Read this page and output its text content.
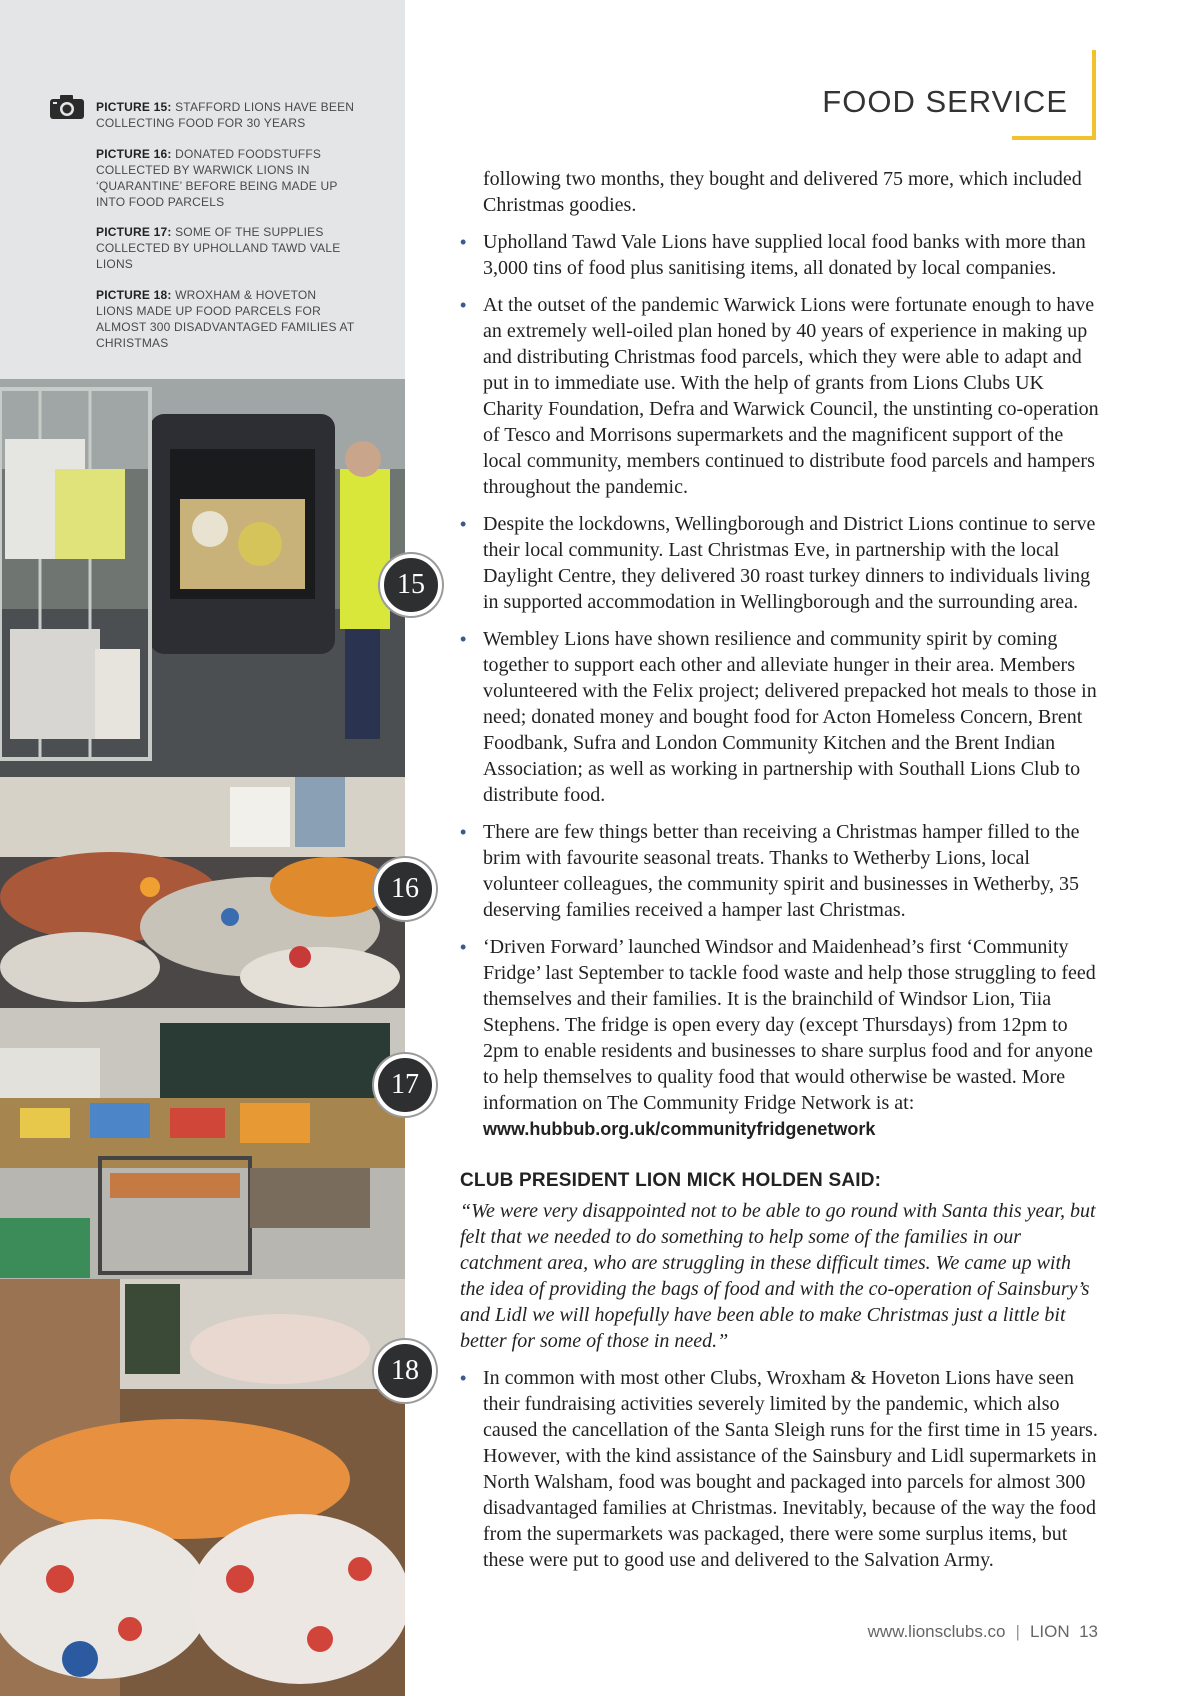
PICTURE 15: STAFFORD LIONS HAVE BEEN COLLECTING FOOD FOR 30 YEARS
PICTURE 16: DONATED FOODSTUFFS COLLECTED BY WARWICK LIONS IN ‘QUARANTINE’ BEFORE BEING MADE UP INTO FOOD PARCELS
PICTURE 17: SOME OF THE SUPPLIES COLLECTED BY UPHOLLAND TAWD VALE LIONS
PICTURE 18: WROXHAM & HOVETON LIONS MADE UP FOOD PARCELS FOR ALMOST 300 DISADVANTAGED FAMILIES AT CHRISTMAS
15
16
17
18
FOOD SERVICE

following two months, they bought and delivered 75 more, which included Christmas goodies.

• Upholland Tawd Vale Lions have supplied local food banks with more than 3,000 tins of food plus sanitising items, all donated by local companies.
• At the outset of the pandemic Warwick Lions were fortunate enough to have an extremely well-oiled plan honed by 40 years of experience in making up and distributing Christmas food parcels, which they were able to adapt and put in to immediate use. With the help of grants from Lions Clubs UK Charity Foundation, Defra and Warwick Council, the unstinting co-operation of Tesco and Morrisons supermarkets and the magnificent support of the local community, members continued to distribute food parcels and hampers throughout the pandemic.
• Despite the lockdowns, Wellingborough and District Lions continue to serve their local community. Last Christmas Eve, in partnership with the local Daylight Centre, they delivered 30 roast turkey dinners to individuals living in supported accommodation in Wellingborough and the surrounding area.
• Wembley Lions have shown resilience and community spirit by coming together to support each other and alleviate hunger in their area. Members volunteered with the Felix project; delivered prepacked hot meals to those in need; donated money and bought food for Acton Homeless Concern, Brent Foodbank, Sufra and London Community Kitchen and the Brent Indian Association; as well as working in partnership with Southall Lions Club to distribute food.
• There are few things better than receiving a Christmas hamper filled to the brim with favourite seasonal treats. Thanks to Wetherby Lions, local volunteer colleagues, the community spirit and businesses in Wetherby, 35 deserving families received a hamper last Christmas.
• ‘Driven Forward’ launched Windsor and Maidenhead’s first ‘Community Fridge’ last September to tackle food waste and help those struggling to feed themselves and their families. It is the brainchild of Windsor Lion, Tiia Stephens. The fridge is open every day (except Thursdays) from 12pm to 2pm to enable residents and businesses to share surplus food and for anyone to help themselves to quality food that would otherwise be wasted. More information on The Community Fridge Network is at:
www.hubbub.org.uk/communityfridgenetwork
CLUB PRESIDENT LION MICK HOLDEN SAID:
“We were very disappointed not to be able to go round with Santa this year, but felt that we needed to do something to help some of the families in our catchment area, who are struggling in these difficult times. We came up with the idea of providing the bags of food and with the co-operation of Sainsbury’s and Lidl we will hopefully have been able to make Christmas just a little bit better for some of those in need.”
• In common with most other Clubs, Wroxham & Hoveton Lions have seen their fundraising activities severely limited by the pandemic, which also caused the cancellation of the Santa Sleigh runs for the first time in 15 years. However, with the kind assistance of the Sainsbury and Lidl supermarkets in North Walsham, food was bought and packaged into parcels for almost 300 disadvantaged families at Christmas. Inevitably, because of the way the food from the supermarkets was packaged, there were some surplus items, but these were put to good use and delivered to the Salvation Army.
www.lionsclubs.co | LION 13
